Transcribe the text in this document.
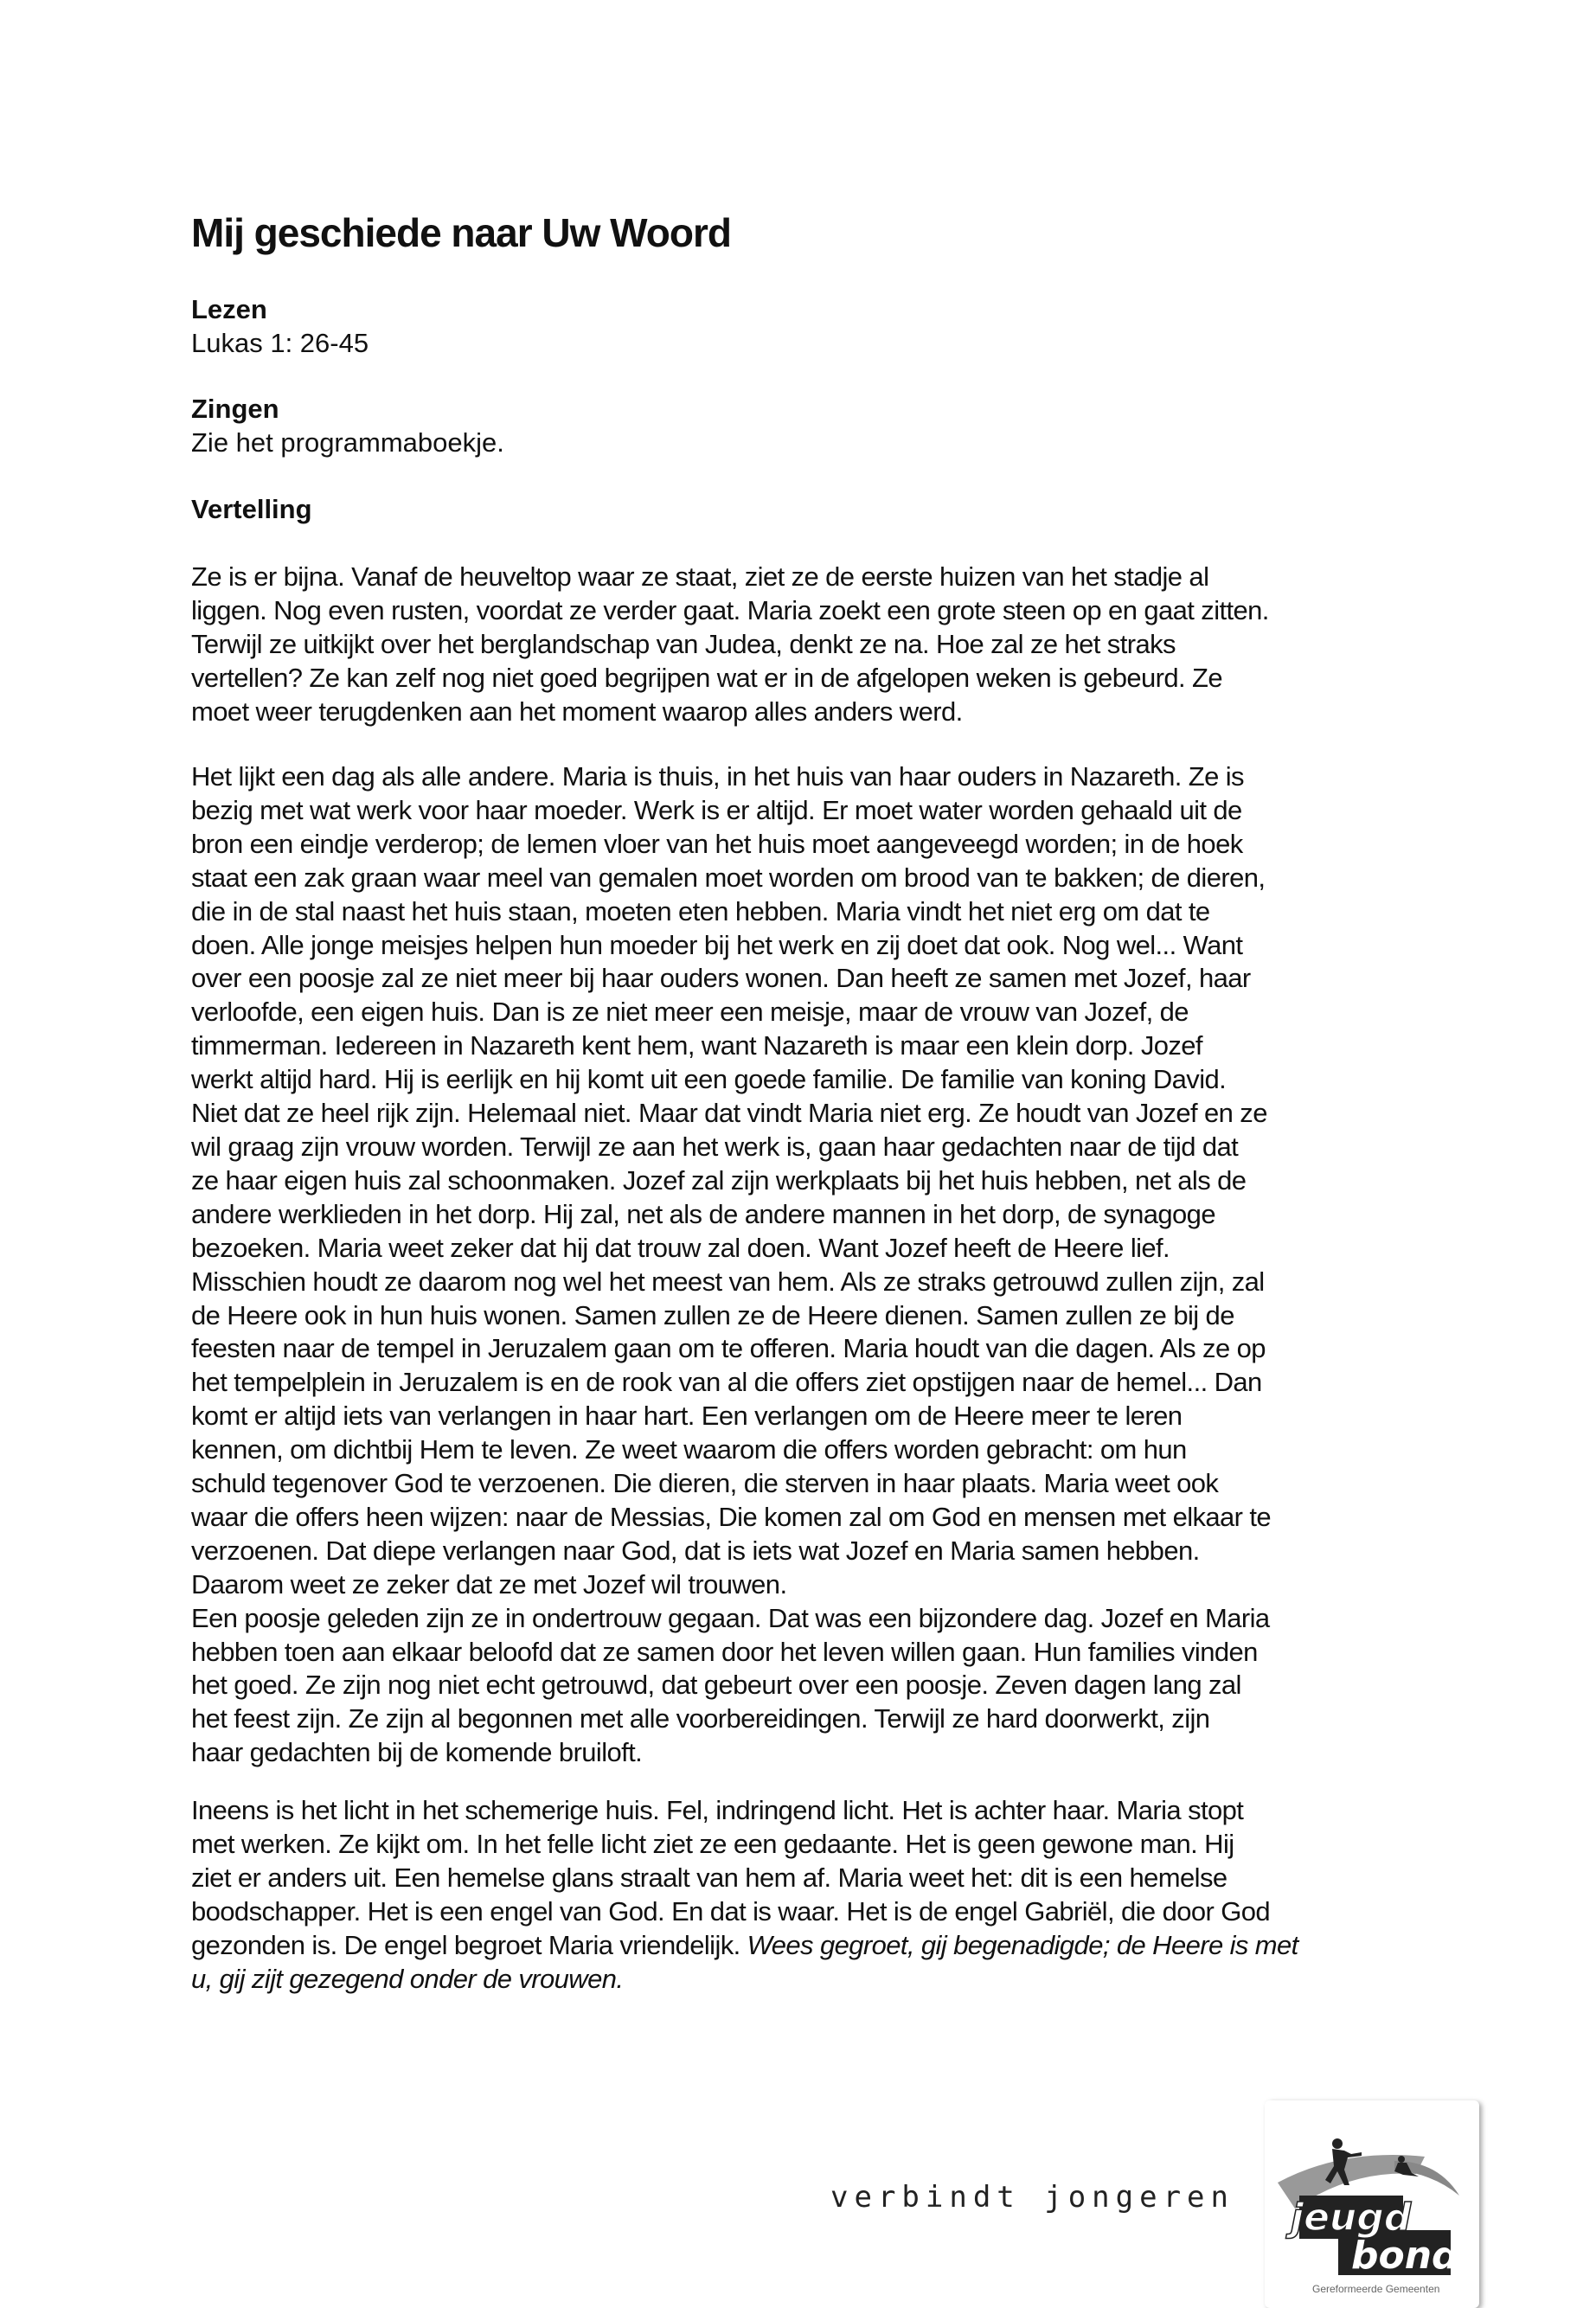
Mij geschiede naar Uw Woord
Lezen
Lukas 1: 26-45
Zingen
Zie het programmaboekje.
Vertelling
Ze is er bijna. Vanaf de heuveltop waar ze staat, ziet ze de eerste huizen van het stadje al
liggen. Nog even rusten, voordat ze verder gaat. Maria zoekt een grote steen op en gaat zitten.
Terwijl ze uitkijkt over het berglandschap van Judea, denkt ze na. Hoe zal ze het straks
vertellen? Ze kan zelf nog niet goed begrijpen wat er in de afgelopen weken is gebeurd. Ze
moet weer terugdenken aan het moment waarop alles anders werd.
Het lijkt een dag als alle andere. Maria is thuis, in het huis van haar ouders in Nazareth. Ze is
bezig met wat werk voor haar moeder. Werk is er altijd. Er moet water worden gehaald uit de
bron een eindje verderop; de lemen vloer van het huis moet aangeveegd worden; in de hoek
staat een zak graan waar meel van gemalen moet worden om brood van te bakken; de dieren,
die in de stal naast het huis staan, moeten eten hebben. Maria vindt het niet erg om dat te
doen. Alle jonge meisjes helpen hun moeder bij het werk en zij doet dat ook. Nog wel... Want
over een poosje zal ze niet meer bij haar ouders wonen. Dan heeft ze samen met Jozef, haar
verloofde, een eigen huis. Dan is ze niet meer een meisje, maar de vrouw van Jozef, de
timmerman. Iedereen in Nazareth kent hem, want Nazareth is maar een klein dorp. Jozef
werkt altijd hard. Hij is eerlijk en hij komt uit een goede familie. De familie van koning David.
Niet dat ze heel rijk zijn. Helemaal niet. Maar dat vindt Maria niet erg. Ze houdt van Jozef en ze
wil graag zijn vrouw worden. Terwijl ze aan het werk is, gaan haar gedachten naar de tijd dat
ze haar eigen huis zal schoonmaken. Jozef zal zijn werkplaats bij het huis hebben, net als de
andere werklieden in het dorp. Hij zal, net als de andere mannen in het dorp, de synagoge
bezoeken. Maria weet zeker dat hij dat trouw zal doen. Want Jozef heeft de Heere lief.
Misschien houdt ze daarom nog wel het meest van hem. Als ze straks getrouwd zullen zijn, zal
de Heere ook in hun huis wonen. Samen zullen ze de Heere dienen. Samen zullen ze bij de
feesten naar de tempel in Jeruzalem gaan om te offeren. Maria houdt van die dagen. Als ze op
het tempelplein in Jeruzalem is en de rook van al die offers ziet opstijgen naar de hemel... Dan
komt er altijd iets van verlangen in haar hart. Een verlangen om de Heere meer te leren
kennen, om dichtbij Hem te leven. Ze weet waarom die offers worden gebracht: om hun
schuld tegenover God te verzoenen. Die dieren, die sterven in haar plaats. Maria weet ook
waar die offers heen wijzen: naar de Messias, Die komen zal om God en mensen met elkaar te
verzoenen. Dat diepe verlangen naar God, dat is iets wat Jozef en Maria samen hebben.
Daarom weet ze zeker dat ze met Jozef wil trouwen.
Een poosje geleden zijn ze in ondertrouw gegaan. Dat was een bijzondere dag. Jozef en Maria
hebben toen aan elkaar beloofd dat ze samen door het leven willen gaan. Hun families vinden
het goed. Ze zijn nog niet echt getrouwd, dat gebeurt over een poosje. Zeven dagen lang zal
het feest zijn. Ze zijn al begonnen met alle voorbereidingen. Terwijl ze hard doorwerkt, zijn
haar gedachten bij de komende bruiloft.
Ineens is het licht in het schemerige huis. Fel, indringend licht. Het is achter haar. Maria stopt
met werken. Ze kijkt om. In het felle licht ziet ze een gedaante. Het is geen gewone man. Hij
ziet er anders uit. Een hemelse glans straalt van hem af. Maria weet het: dit is een hemelse
boodschapper. Het is een engel van God. En dat is waar. Het is de engel Gabriël, die door God
gezonden is. De engel begroet Maria vriendelijk. Wees gegroet, gij begenadigde; de Heere is met
u, gij zijt gezegend onder de vrouwen.
verbindt jongeren jeugd
bond
Gereformeerde Gemeenten
